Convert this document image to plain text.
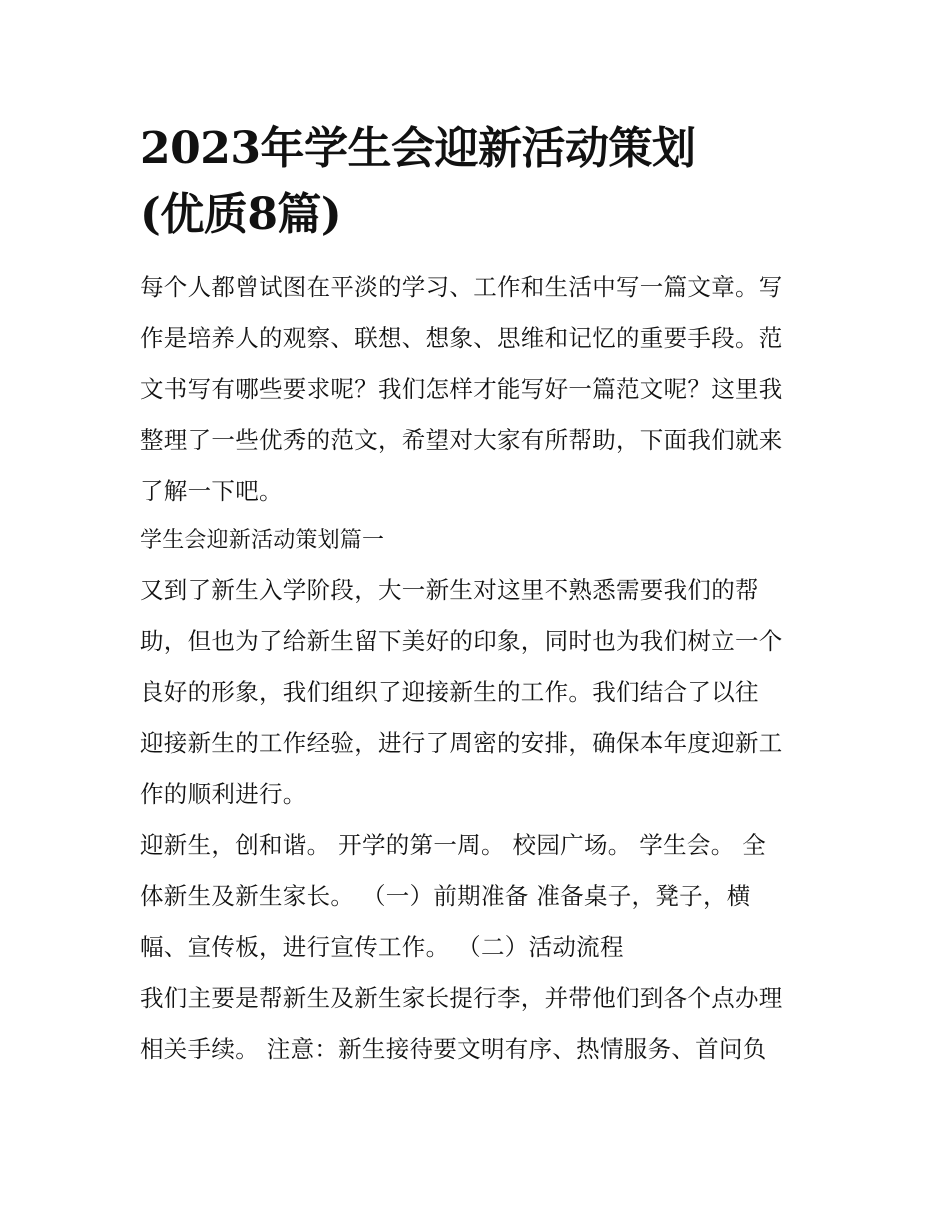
2023年学生会迎新活动策划
(优质8篇)

每个人都曾试图在平淡的学习、工作和生活中写一篇文章。写
作是培养人的观察、联想、想象、思维和记忆的重要手段。范
文书写有哪些要求呢？我们怎样才能写好一篇范文呢？这里我
整理了一些优秀的范文，希望对大家有所帮助，下面我们就来
了解一下吧。

学生会迎新活动策划篇一

又到了新生入学阶段，大一新生对这里不熟悉需要我们的帮
助，但也为了给新生留下美好的印象，同时也为我们树立一个
良好的形象，我们组织了迎接新生的工作。我们结合了以往
迎接新生的工作经验，进行了周密的安排，确保本年度迎新工
作的顺利进行。

迎新生，创和谐。 开学的第一周。 校园广场。 学生会。 全
体新生及新生家长。 （一）前期准备 准备桌子，凳子，横
幅、宣传板，进行宣传工作。 （二）活动流程

我们主要是帮新生及新生家长提行李，并带他们到各个点办理
相关手续。 注意：新生接待要文明有序、热情服务、首问负
